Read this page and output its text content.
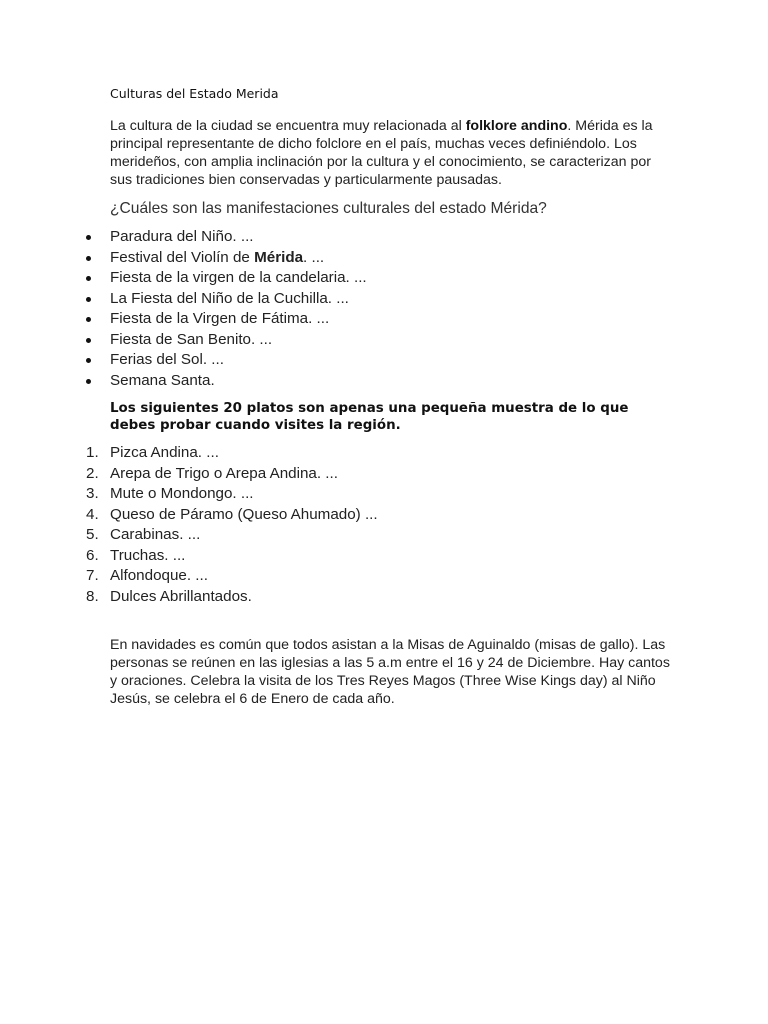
Culturas del Estado Merida

La cultura de la ciudad se encuentra muy relacionada al folklore andino. Mérida es la principal representante de dicho folclore en el país, muchas veces definiéndolo. Los merideños, con amplia inclinación por la cultura y el conocimiento, se caracterizan por sus tradiciones bien conservadas y particularmente pausadas.

¿Cuáles son las manifestaciones culturales del estado Mérida?
Paradura del Niño. ...
Festival del Violín de Mérida. ...
Fiesta de la virgen de la candelaria. ...
La Fiesta del Niño de la Cuchilla. ...
Fiesta de la Virgen de Fátima. ...
Fiesta de San Benito. ...
Ferias del Sol. ...
Semana Santa.
Los siguientes 20 platos son apenas una pequeña muestra de lo que debes probar cuando visites la región.
1. Pizca Andina. ...
2. Arepa de Trigo o Arepa Andina. ...
3. Mute o Mondongo. ...
4. Queso de Páramo (Queso Ahumado) ...
5. Carabinas. ...
6. Truchas. ...
7. Alfondoque. ...
8. Dulces Abrillantados.

En navidades es común que todos asistan a la Misas de Aguinaldo (misas de gallo). Las personas se reúnen en las iglesias a las 5 a.m entre el 16 y 24 de Diciembre. Hay cantos y oraciones. Celebra la visita de los Tres Reyes Magos (Three Wise Kings day) al Niño Jesús, se celebra el 6 de Enero de cada año.
